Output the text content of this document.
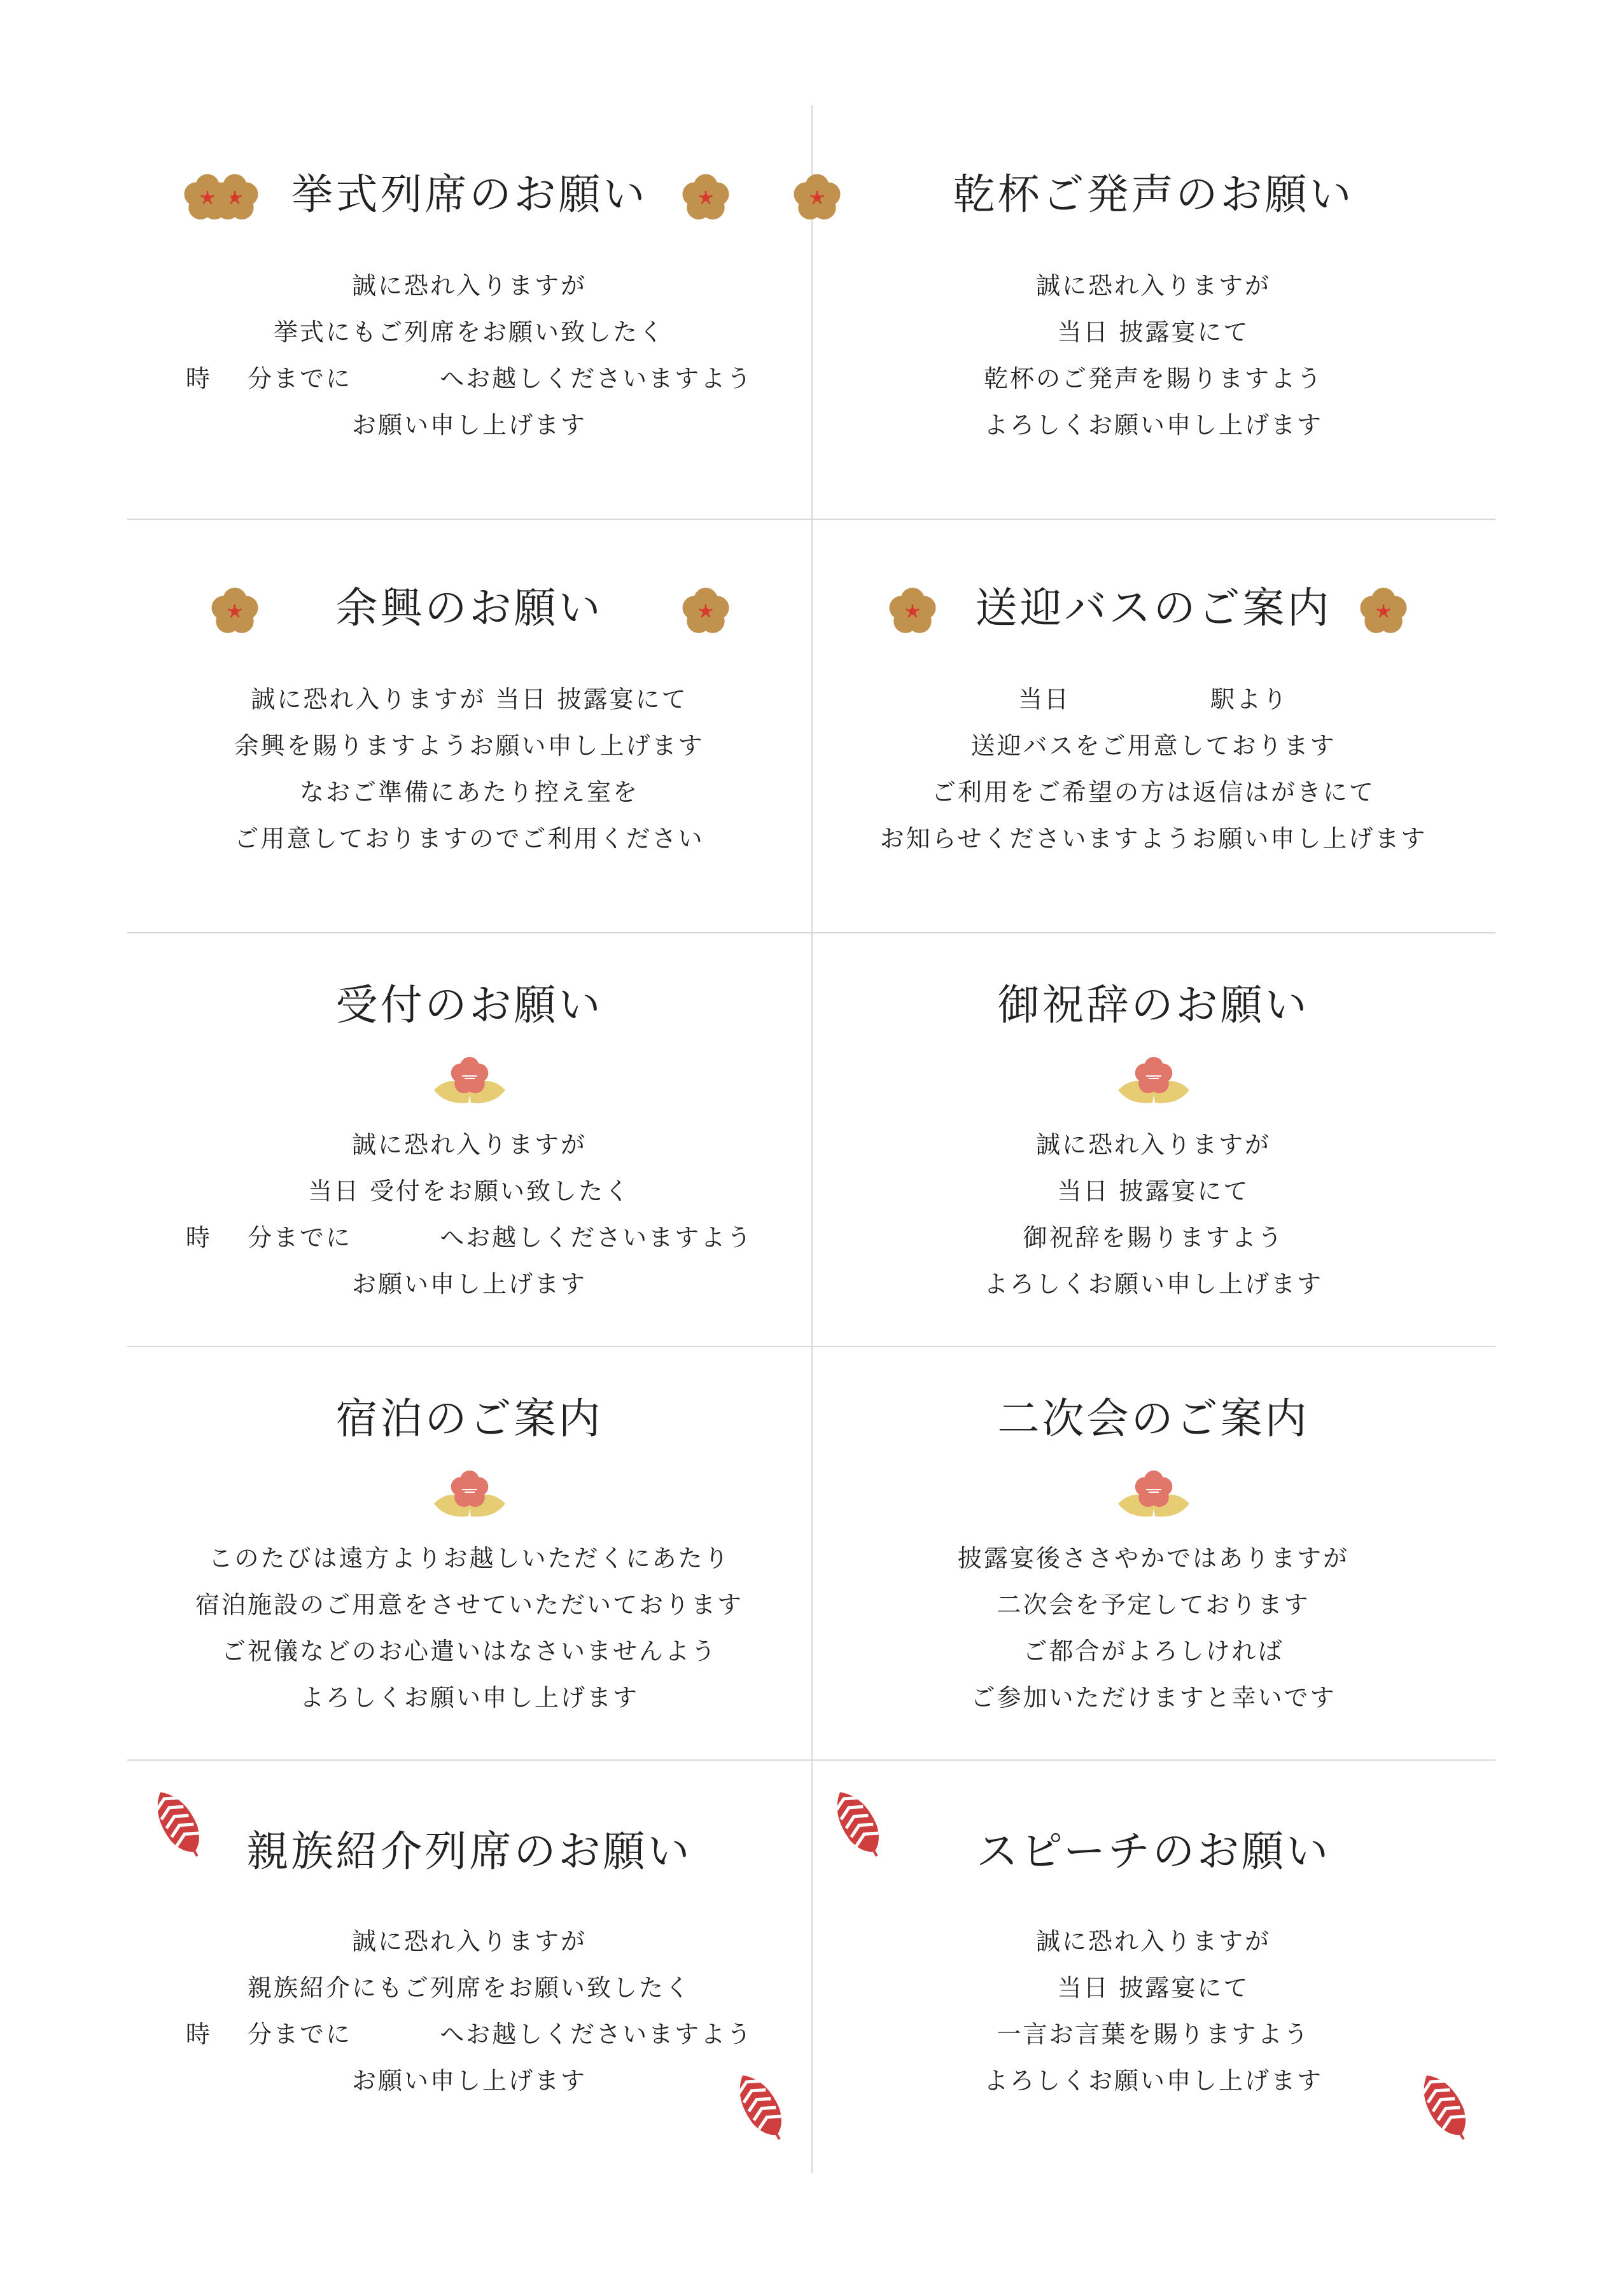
挙式列席のお願い
誠に恐れ入りますが
挙式にもご列席をお願い致したく
時　 分までに　　　 へお越しくださいますよう
お願い申し上げます
乾杯ご発声のお願い
誠に恐れ入りますが
当日 披露宴にて
乾杯のご発声を賜りますよう
よろしくお願い申し上げます
余興のお願い
誠に恐れ入りますが 当日 披露宴にて
余興を賜りますようお願い申し上げます
なおご準備にあたり控え室を
ご用意しておりますのでご利用ください
送迎バスのご案内
当日　　　　　 駅より
送迎バスをご用意しております
ご利用をご希望の方は返信はがきにて
お知らせくださいますようお願い申し上げます
受付のお願い
誠に恐れ入りますが
当日 受付をお願い致したく
時　 分までに　　　 へお越しくださいますよう
お願い申し上げます
御祝辞のお願い
誠に恐れ入りますが
当日 披露宴にて
御祝辞を賜りますよう
よろしくお願い申し上げます
宿泊のご案内
このたびは遠方よりお越しいただくにあたり
宿泊施設のご用意をさせていただいております
ご祝儀などのお心遣いはなさいませんよう
よろしくお願い申し上げます
二次会のご案内
披露宴後ささやかではありますが
二次会を予定しております
ご都合がよろしければ
ご参加いただけますと幸いです
親族紹介列席のお願い
誠に恐れ入りますが
親族紹介にもご列席をお願い致したく
時　 分までに　　　 へお越しくださいますよう
お願い申し上げます
スピーチのお願い
誠に恐れ入りますが
当日 披露宴にて
一言お言葉を賜りますよう
よろしくお願い申し上げます
